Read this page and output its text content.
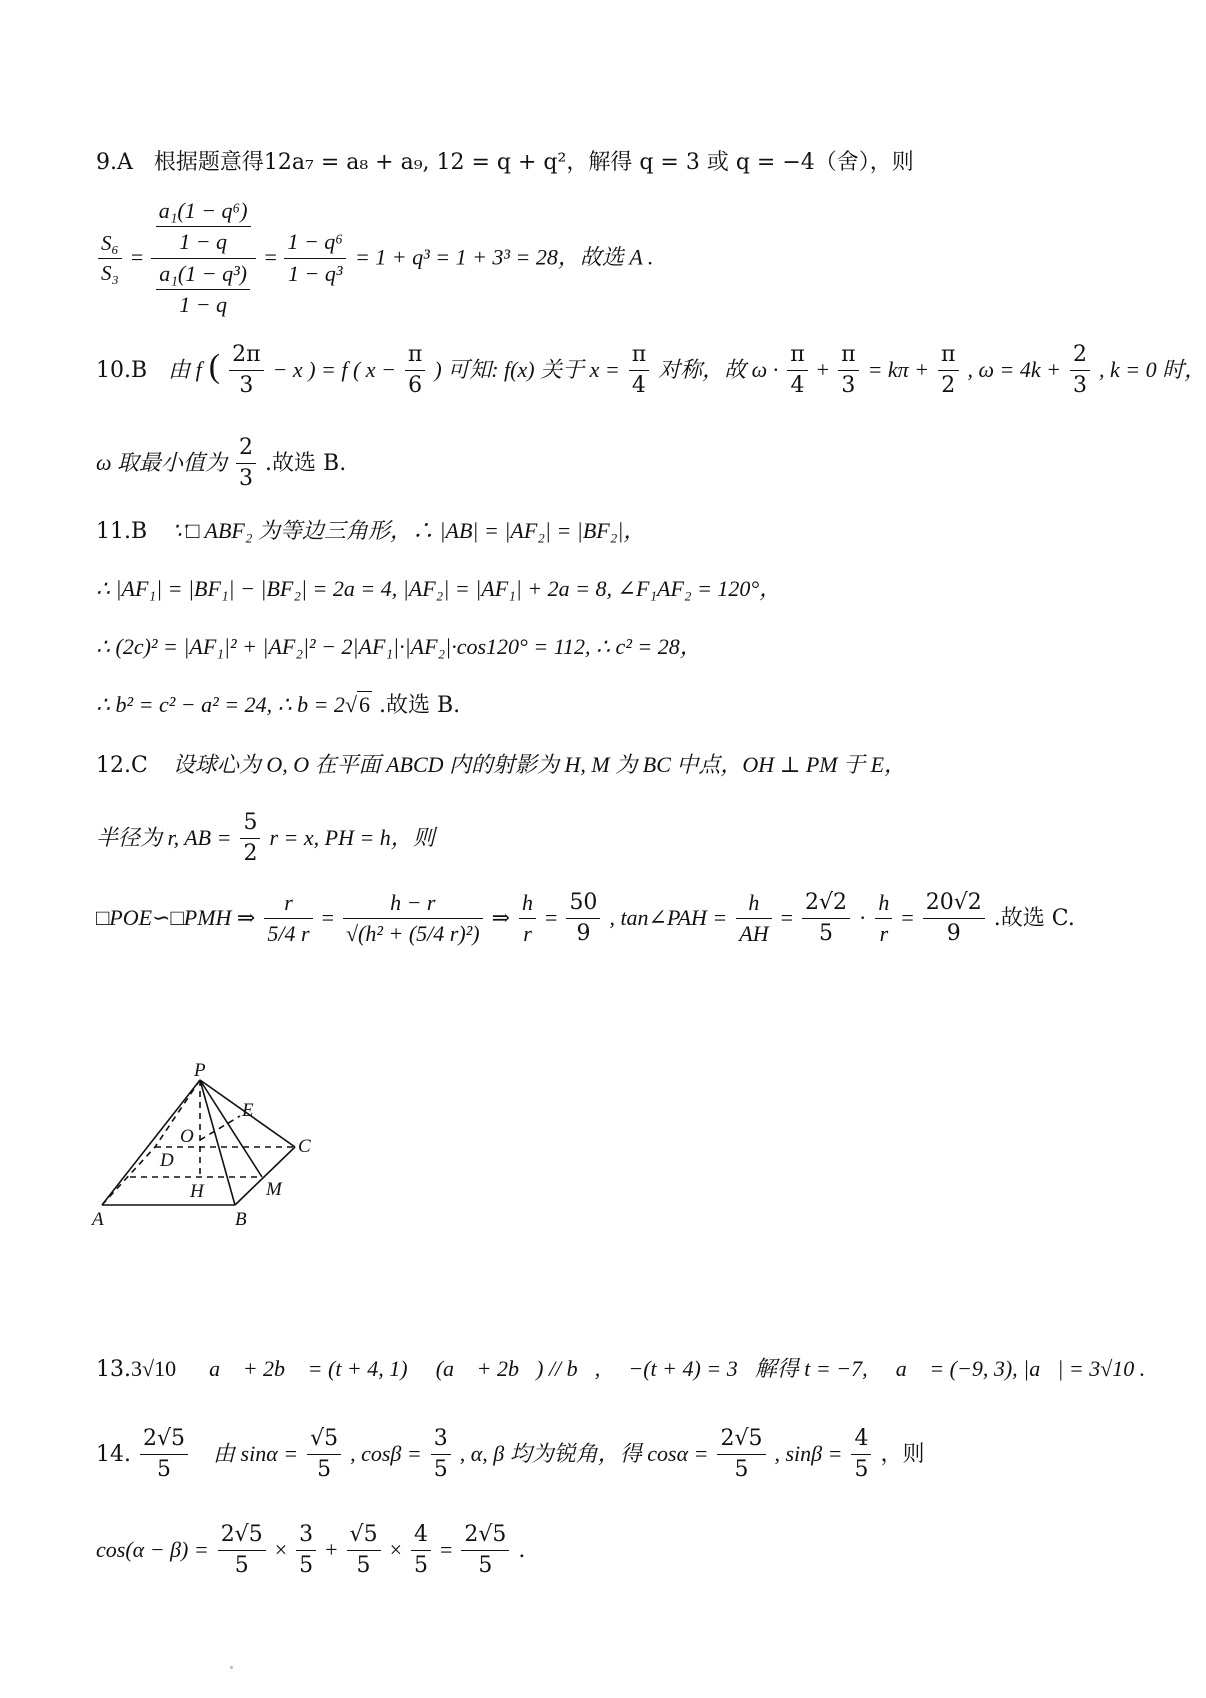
9.A 根据题意得12a₇ = a₈ + a₉, 12 = q + q²，解得 q = 3 或 q = −4（舍），则
$\frac{\text{S₆}}{\text{S₃}} = \frac{\frac{\text{a₁(1 − q⁶)}}{1 - q}}{\frac{\text{a₁(1 − q³)}}{1 - q}} = \frac{\text{1 − q⁶}}{\text{1 − q³}} = 1 + q^3 = 1 + 3^3 = 28$，故选 A .
10.B 由 f ( $\frac{2\pi}{3} - x$ ) = f ( $x - \frac{\pi}{6}$ ) 可知: f(x) 关于 $x = \frac{\pi}{4}$ 对称，故 $\omega \cdot \frac{\pi}{4} + \frac{\pi}{3} = k\pi + \frac{\pi}{2}$ , $\omega = 4k + \frac{2}{3}$ , k = 0 时，
ω 取最小值为 $\frac{2}{3}$ .故选 B.
11.B ∵□ ABF₂ 为等边三角形，∴ |AB| = |AF₂| = |BF₂|，
∴ |AF₁| = |BF₁| − |BF₂| = 2a = 4, |AF₂| = |AF₁| + 2a = 8, ∠F₁AF₂ = 120°，
∴ (2c)² = |AF₁|² + |AF₂|² − 2|AF₁|·|AF₂|·cos120° = 112, ∴ c² = 28，
∴ b² = c² − a² = 24, ∴ b = 2√6 .故选 B.
12.C 设球心为 O, O 在平面 ABCD 内的射影为 H, M 为 BC 中点，OH ⊥ PM 于 E，
半径为 r, AB = $\frac{5}{2}$ r = x, PH = h，则
□POE∽□PMH ⇒ $\frac{r}{5/4 r} = \frac{h - r}{\text{√(h² + (5/4 r)²)}}$ ⇒ $\frac{h}{r} = \frac{50}{9}$ , tan∠PAH = $\frac{h}{AH} = \frac{2√2}{5} \cdot \frac{h}{r} = \frac{20√2}{9}$ .故选 C.
P
E
O	C
D
H	M
A	B
13.3√10 a⃗ + 2b⃗ = (t + 4, 1) ∵ (a⃗ + 2b⃗) // b⃗, ∴ −(t + 4) = 3，解得 t = −7, ∴ a⃗ = (−9, 3), |a⃗| = 3√10 .
14. $\frac{2√5}{5}$ 由 $\sin\alpha = \frac{√5}{5}$ , $\cos\beta = \frac{3}{5}$ , α, β 均为锐角，得 $\cos\alpha = \frac{2√5}{5}$ , $\sin\beta = \frac{4}{5}$ ，则
$\cos(\alpha - \beta) = \frac{2√5}{5} \times \frac{3}{5} + \frac{√5}{5} \times \frac{4}{5} = \frac{2√5}{5}$ .
